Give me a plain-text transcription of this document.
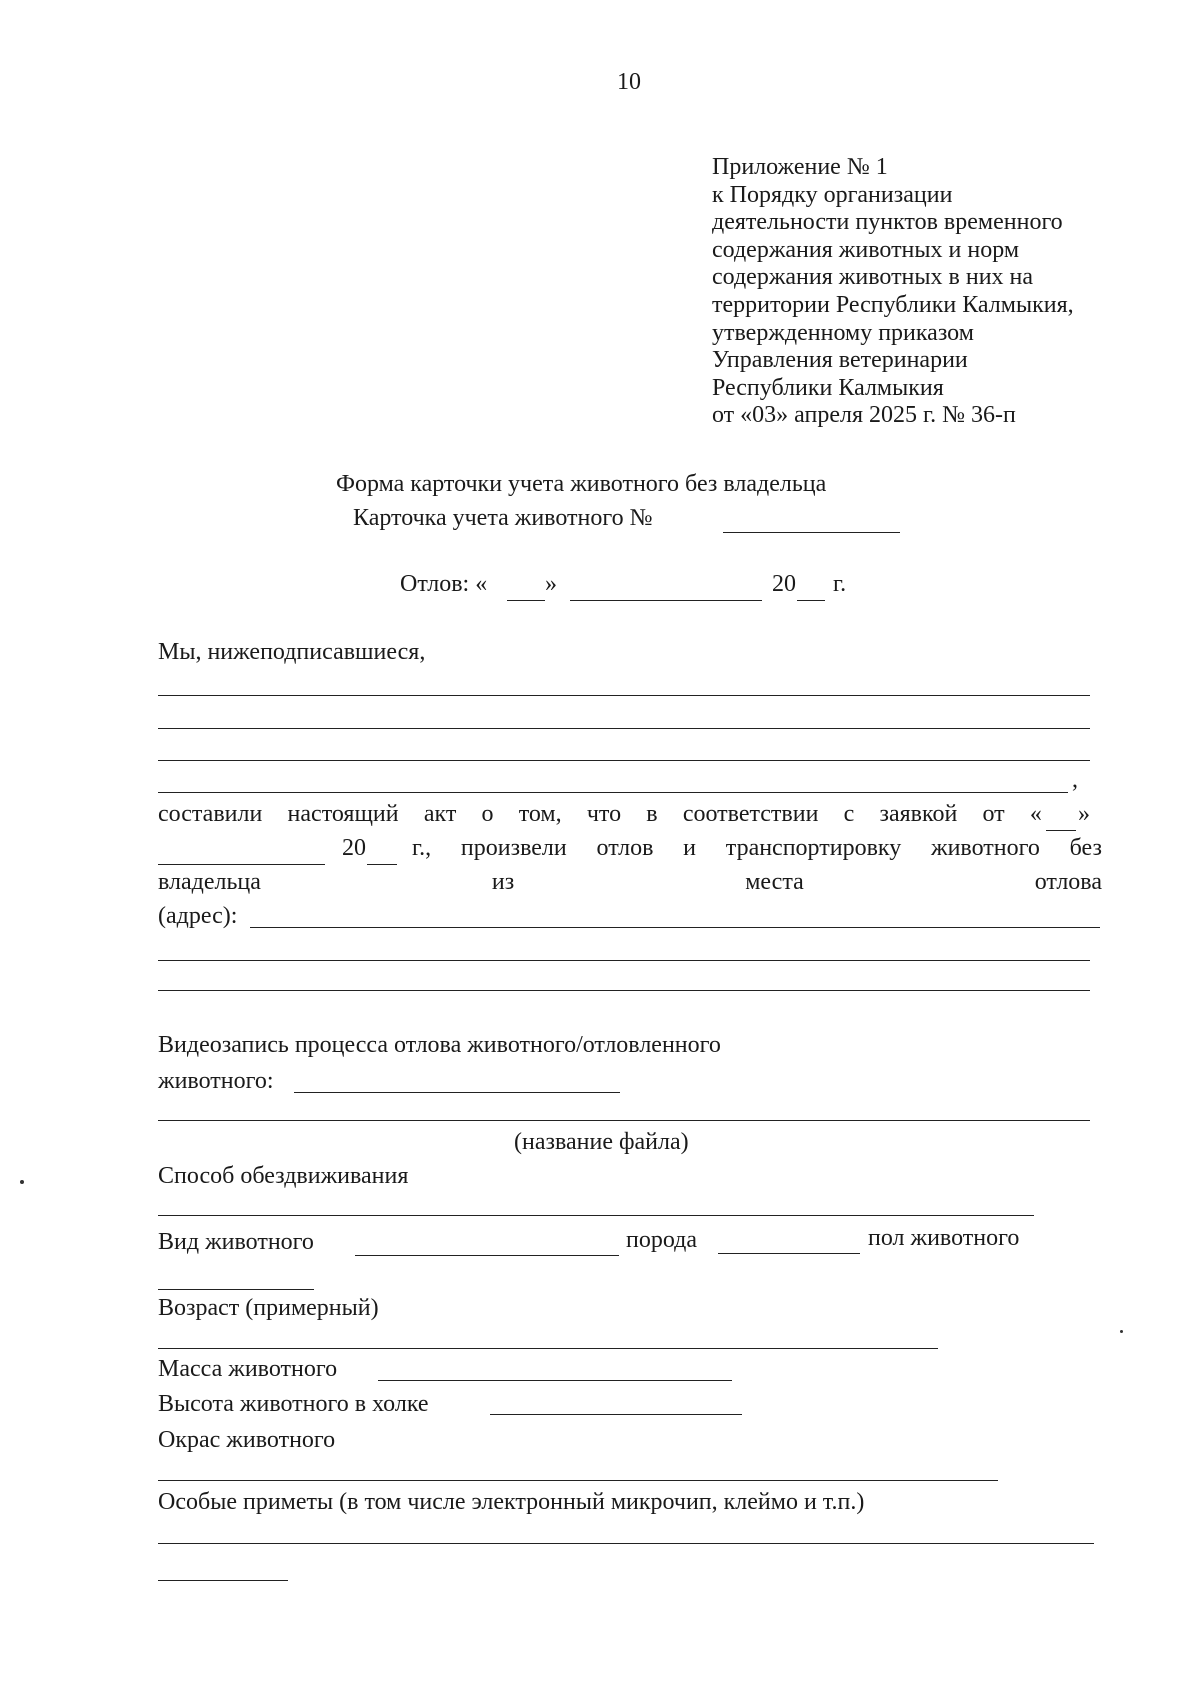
10
Приложение № 1
к Порядку организации
деятельности пунктов временного
содержания животных и норм
содержания животных в них на
территории Республики Калмыкия,
утвержденному приказом
Управления ветеринарии
Республики Калмыкия
от «03» апреля 2025 г. № 36-п
Форма карточки учета животного без владельца
Карточка учета животного №
Отлов: « »	20 г.
Мы, нижеподписавшиеся,
,
составили настоящий акт о том, что в соответствии с заявкой от « »
20 г., произвели отлов и транспортировку животного без
владельца	из	места	отлова
(адрес):
Видеозапись процесса отлова животного/отловленного
животного:
(название файла)
Способ обездвиживания
Вид животного	порода	пол животного
Возраст (примерный)
Масса животного
Высота животного в холке
Окрас животного
Особые приметы (в том числе электронный микрочип, клеймо и т.п.)
